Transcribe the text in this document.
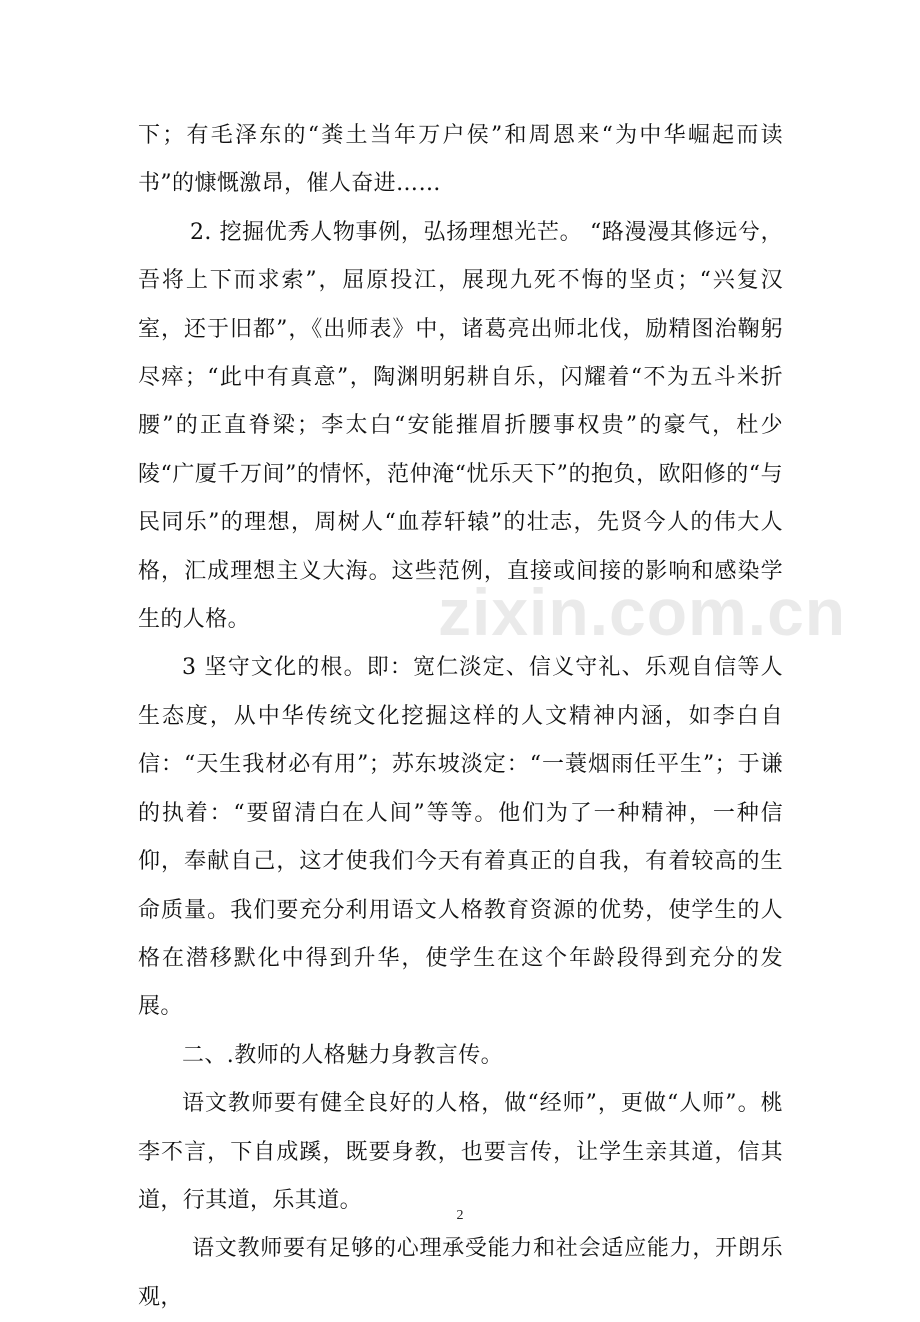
下；有毛泽东的“粪土当年万户侯”和周恩来“为中华崛起而读书”的慷慨激昂，催人奋进……

2. 挖掘优秀人物事例，弘扬理想光芒。 “路漫漫其修远兮，吾将上下而求索”，屈原投江，展现九死不悔的坚贞；“兴复汉室，还于旧都”，《出师表》中，诸葛亮出师北伐，励精图治鞠躬尽瘁；“此中有真意”，陶渊明躬耕自乐，闪耀着“不为五斗米折腰”的正直脊梁；李太白“安能摧眉折腰事权贵”的豪气，杜少陵“广厦千万间”的情怀，范仲淹“忧乐天下”的抱负，欧阳修的“与民同乐”的理想，周树人“血荐轩辕”的壮志，先贤今人的伟大人格，汇成理想主义大海。这些范例，直接或间接的影响和感染学生的人格。

3 坚守文化的根。即：宽仁淡定、信义守礼、乐观自信等人生态度，从中华传统文化挖掘这样的人文精神内涵，如李白自信：“天生我材必有用”；苏东坡淡定：“一蓑烟雨任平生”；于谦的执着：“要留清白在人间”等等。他们为了一种精神，一种信仰，奉献自己，这才使我们今天有着真正的自我，有着较高的生命质量。我们要充分利用语文人格教育资源的优势，使学生的人格在潜移默化中得到升华，使学生在这个年龄段得到充分的发展。

二、.教师的人格魅力身教言传。

语文教师要有健全良好的人格，做“经师”，更做“人师”。桃李不言，下自成蹊，既要身教，也要言传，让学生亲其道，信其道，行其道，乐其道。

语文教师要有足够的心理承受能力和社会适应能力，开朗乐观，

zixin.com.cn
2
